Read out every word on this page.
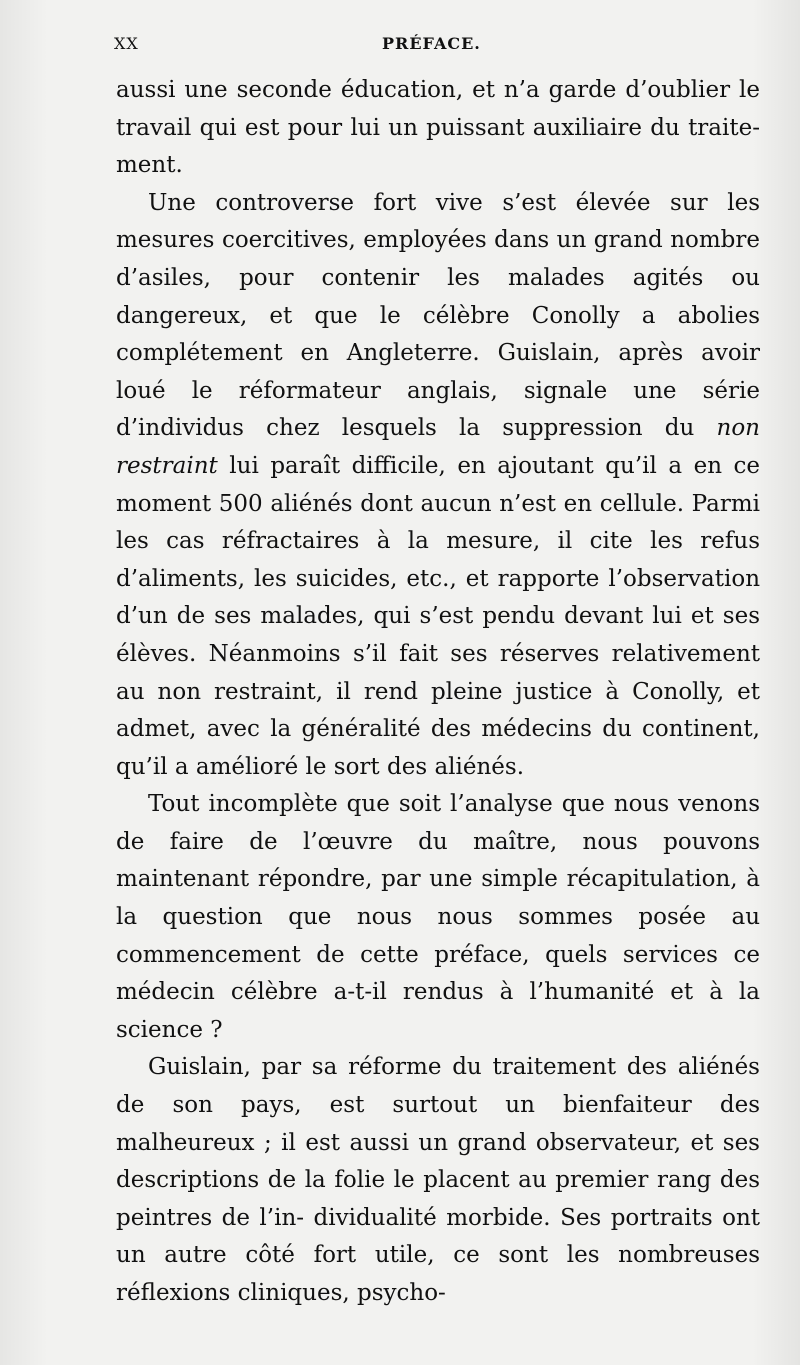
XX	PRÉFACE.

aussi une seconde éducation, et n’a garde d’oublier le travail qui est pour lui un puissant auxiliaire du traite- ment.

Une controverse fort vive s’est élevée sur les mesures coercitives, employées dans un grand nombre d’asiles, pour contenir les malades agités ou dangereux, et que le célèbre Conolly a abolies complétement en Angleterre. Guislain, après avoir loué le réformateur anglais, signale une série d’individus chez lesquels la suppression du non restraint lui paraît difficile, en ajoutant qu’il a en ce moment 500 aliénés dont aucun n’est en cellule. Parmi les cas réfractaires à la mesure, il cite les refus d’aliments, les suicides, etc., et rapporte l’observation d’un de ses malades, qui s’est pendu devant lui et ses élèves. Néanmoins s’il fait ses réserves relativement au non restraint, il rend pleine justice à Conolly, et admet, avec la généralité des médecins du continent, qu’il a amélioré le sort des aliénés.

Tout incomplète que soit l’analyse que nous venons de faire de l’œuvre du maître, nous pouvons maintenant répondre, par une simple récapitulation, à la question que nous nous sommes posée au commencement de cette préface, quels services ce médecin célèbre a-t-il rendus à l’humanité et à la science ?

Guislain, par sa réforme du traitement des aliénés de son pays, est surtout un bienfaiteur des malheureux ; il est aussi un grand observateur, et ses descriptions de la folie le placent au premier rang des peintres de l’in- dividualité morbide. Ses portraits ont un autre côté fort utile, ce sont les nombreuses réflexions cliniques, psycho-
